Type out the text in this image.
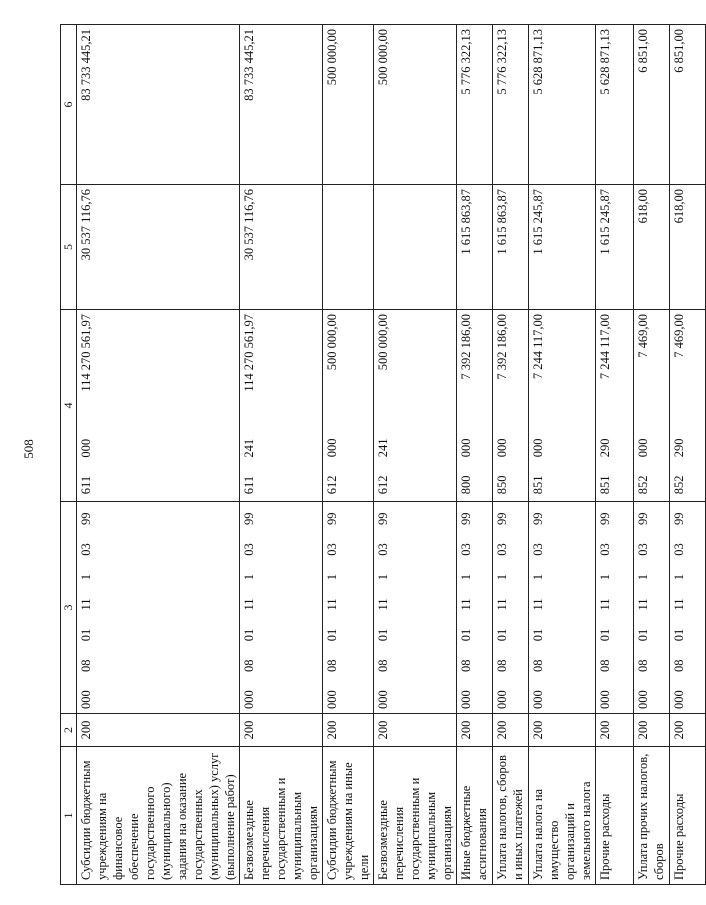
508
1	2	3	4	5	6
Субсидии бюджетным учреждениям на финансовое обеспечение государственного (муниципального) задания на оказание государственных (муниципальных) услуг (выполнение работ)	200	000  08  01  11  1  03  99  611  000	114 270 561,97	30 537 116,76	83 733 445,21
Безвозмездные перечисления государственным и муниципальным организациям	200	000  08  01  11  1  03  99  611  241	114 270 561,97	30 537 116,76	83 733 445,21
Субсидии бюджетным учреждениям на иные цели	200	000  08  01  11  1  03  99  612  000	500 000,00		500 000,00
Безвозмездные перечисления государственным и муниципальным организациям	200	000  08  01  11  1  03  99  612  241	500 000,00		500 000,00
Иные бюджетные ассигнования	200	000  08  01  11  1  03  99  800  000	7 392 186,00	1 615 863,87	5 776 322,13
Уплата налогов, сборов и иных платежей	200	000  08  01  11  1  03  99  850  000	7 392 186,00	1 615 863,87	5 776 322,13
Уплата налога на имущество организаций и земельного налога	200	000  08  01  11  1  03  99  851  000	7 244 117,00	1 615 245,87	5 628 871,13
Прочие расходы	200	000  08  01  11  1  03  99  851  290	7 244 117,00	1 615 245,87	5 628 871,13
Уплата прочих налогов, сборов	200	000  08  01  11  1  03  99  852  000	7 469,00	618,00	6 851,00
Прочие расходы	200	000  08  01  11  1  03  99  852  290	7 469,00	618,00	6 851,00
